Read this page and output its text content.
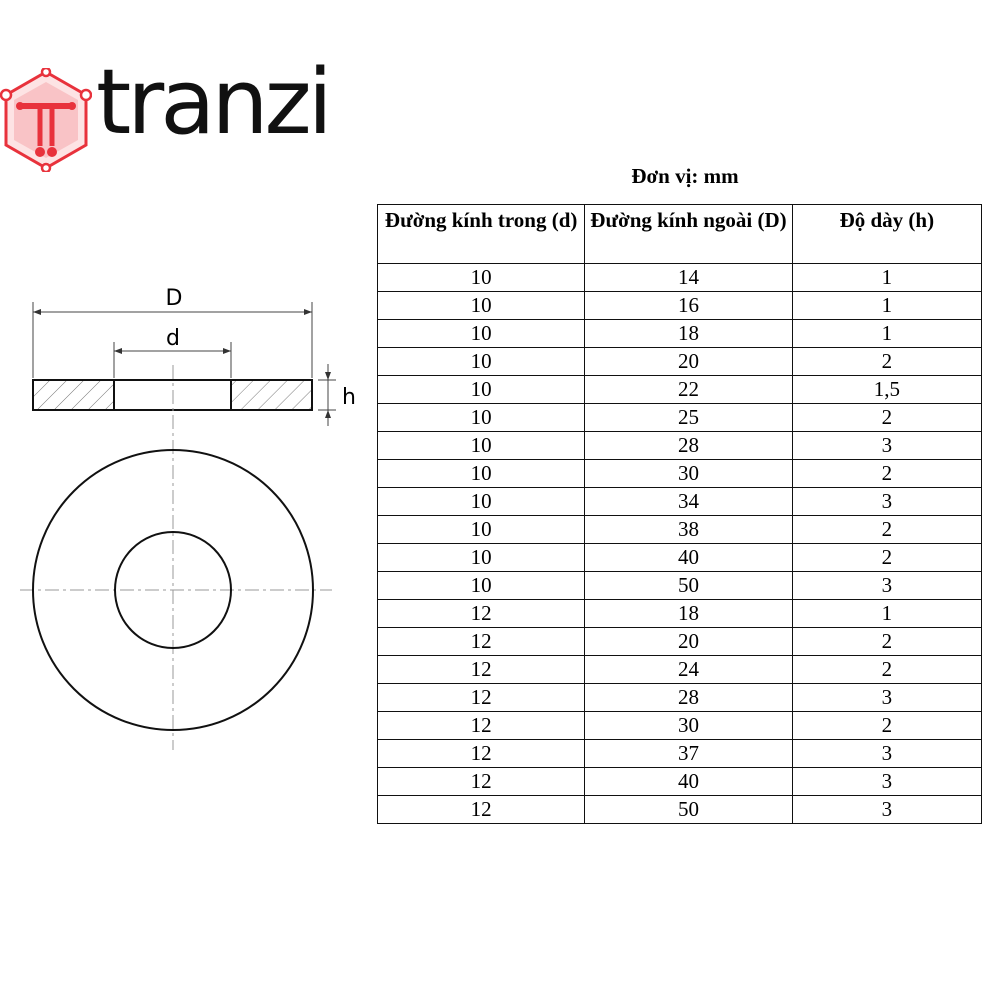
tranzi
D
d
h
Đơn vị: mm
Đường kính trong (d)	Đường kính ngoài (D)	Độ dày (h)
10	14	1
10	16	1
10	18	1
10	20	2
10	22	1,5
10	25	2
10	28	3
10	30	2
10	34	3
10	38	2
10	40	2
10	50	3
12	18	1
12	20	2
12	24	2
12	28	3
12	30	2
12	37	3
12	40	3
12	50	3
